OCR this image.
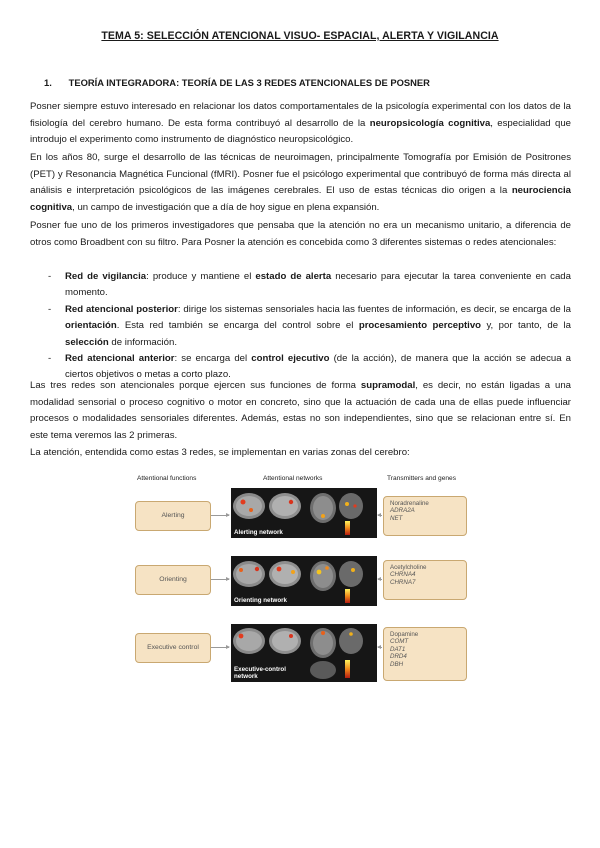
TEMA 5: SELECCIÓN ATENCIONAL VISUO- ESPACIAL, ALERTA Y VIGILANCIA
1. TEORÍA INTEGRADORA: TEORÍA DE LAS 3 REDES ATENCIONALES DE POSNER

Posner siempre estuvo interesado en relacionar los datos comportamentales de la psicología experimental con los datos de la fisiología del cerebro humano. De esta forma contribuyó al desarrollo de la neuropsicología cognitiva, especialidad que introdujo el experimento como instrumento de diagnóstico neuropsicológico.

En los años 80, surge el desarrollo de las técnicas de neuroimagen, principalmente Tomografía por Emisión de Positrones (PET) y Resonancia Magnética Funcional (fMRI). Posner fue el psicólogo experimental que contribuyó de forma más directa al análisis e interpretación psicológicos de las imágenes cerebrales. El uso de estas técnicas dio origen a la neurociencia cognitiva, un campo de investigación que a día de hoy sigue en plena expansión.

Posner fue uno de los primeros investigadores que pensaba que la atención no era un mecanismo unitario, a diferencia de otros como Broadbent con su filtro. Para Posner la atención es concebida como 3 diferentes sistemas o redes atencionales:

- Red de vigilancia: produce y mantiene el estado de alerta necesario para ejecutar la tarea conveniente en cada momento.
- Red atencional posterior: dirige los sistemas sensoriales hacia las fuentes de información, es decir, se encarga de la orientación. Esta red también se encarga del control sobre el procesamiento perceptivo y, por tanto, de la selección de información.
- Red atencional anterior: se encarga del control ejecutivo (de la acción), de manera que la acción se adecua a ciertos objetivos o metas a corto plazo.

Las tres redes son atencionales porque ejercen sus funciones de forma supramodal, es decir, no están ligadas a una modalidad sensorial o proceso cognitivo o motor en concreto, sino que la actuación de cada una de ellas puede influenciar procesos o modalidades sensoriales diferentes. Además, estas no son independientes, sino que se relacionan entre sí. En este tema veremos las 2 primeras.

La atención, entendida como estas 3 redes, se implementan en varias zonas del cerebro:

Attentional functions	Attentional networks	Transmitters and genes
Alerting
Alerting network
Noradrenaline
ADRA2A
NET
Orienting
Orienting network
Acetylcholine
CHRNA4
CHRNA7
Executive control
Executive-control network
Dopamine
COMT
DAT1
DRD4
DBH
